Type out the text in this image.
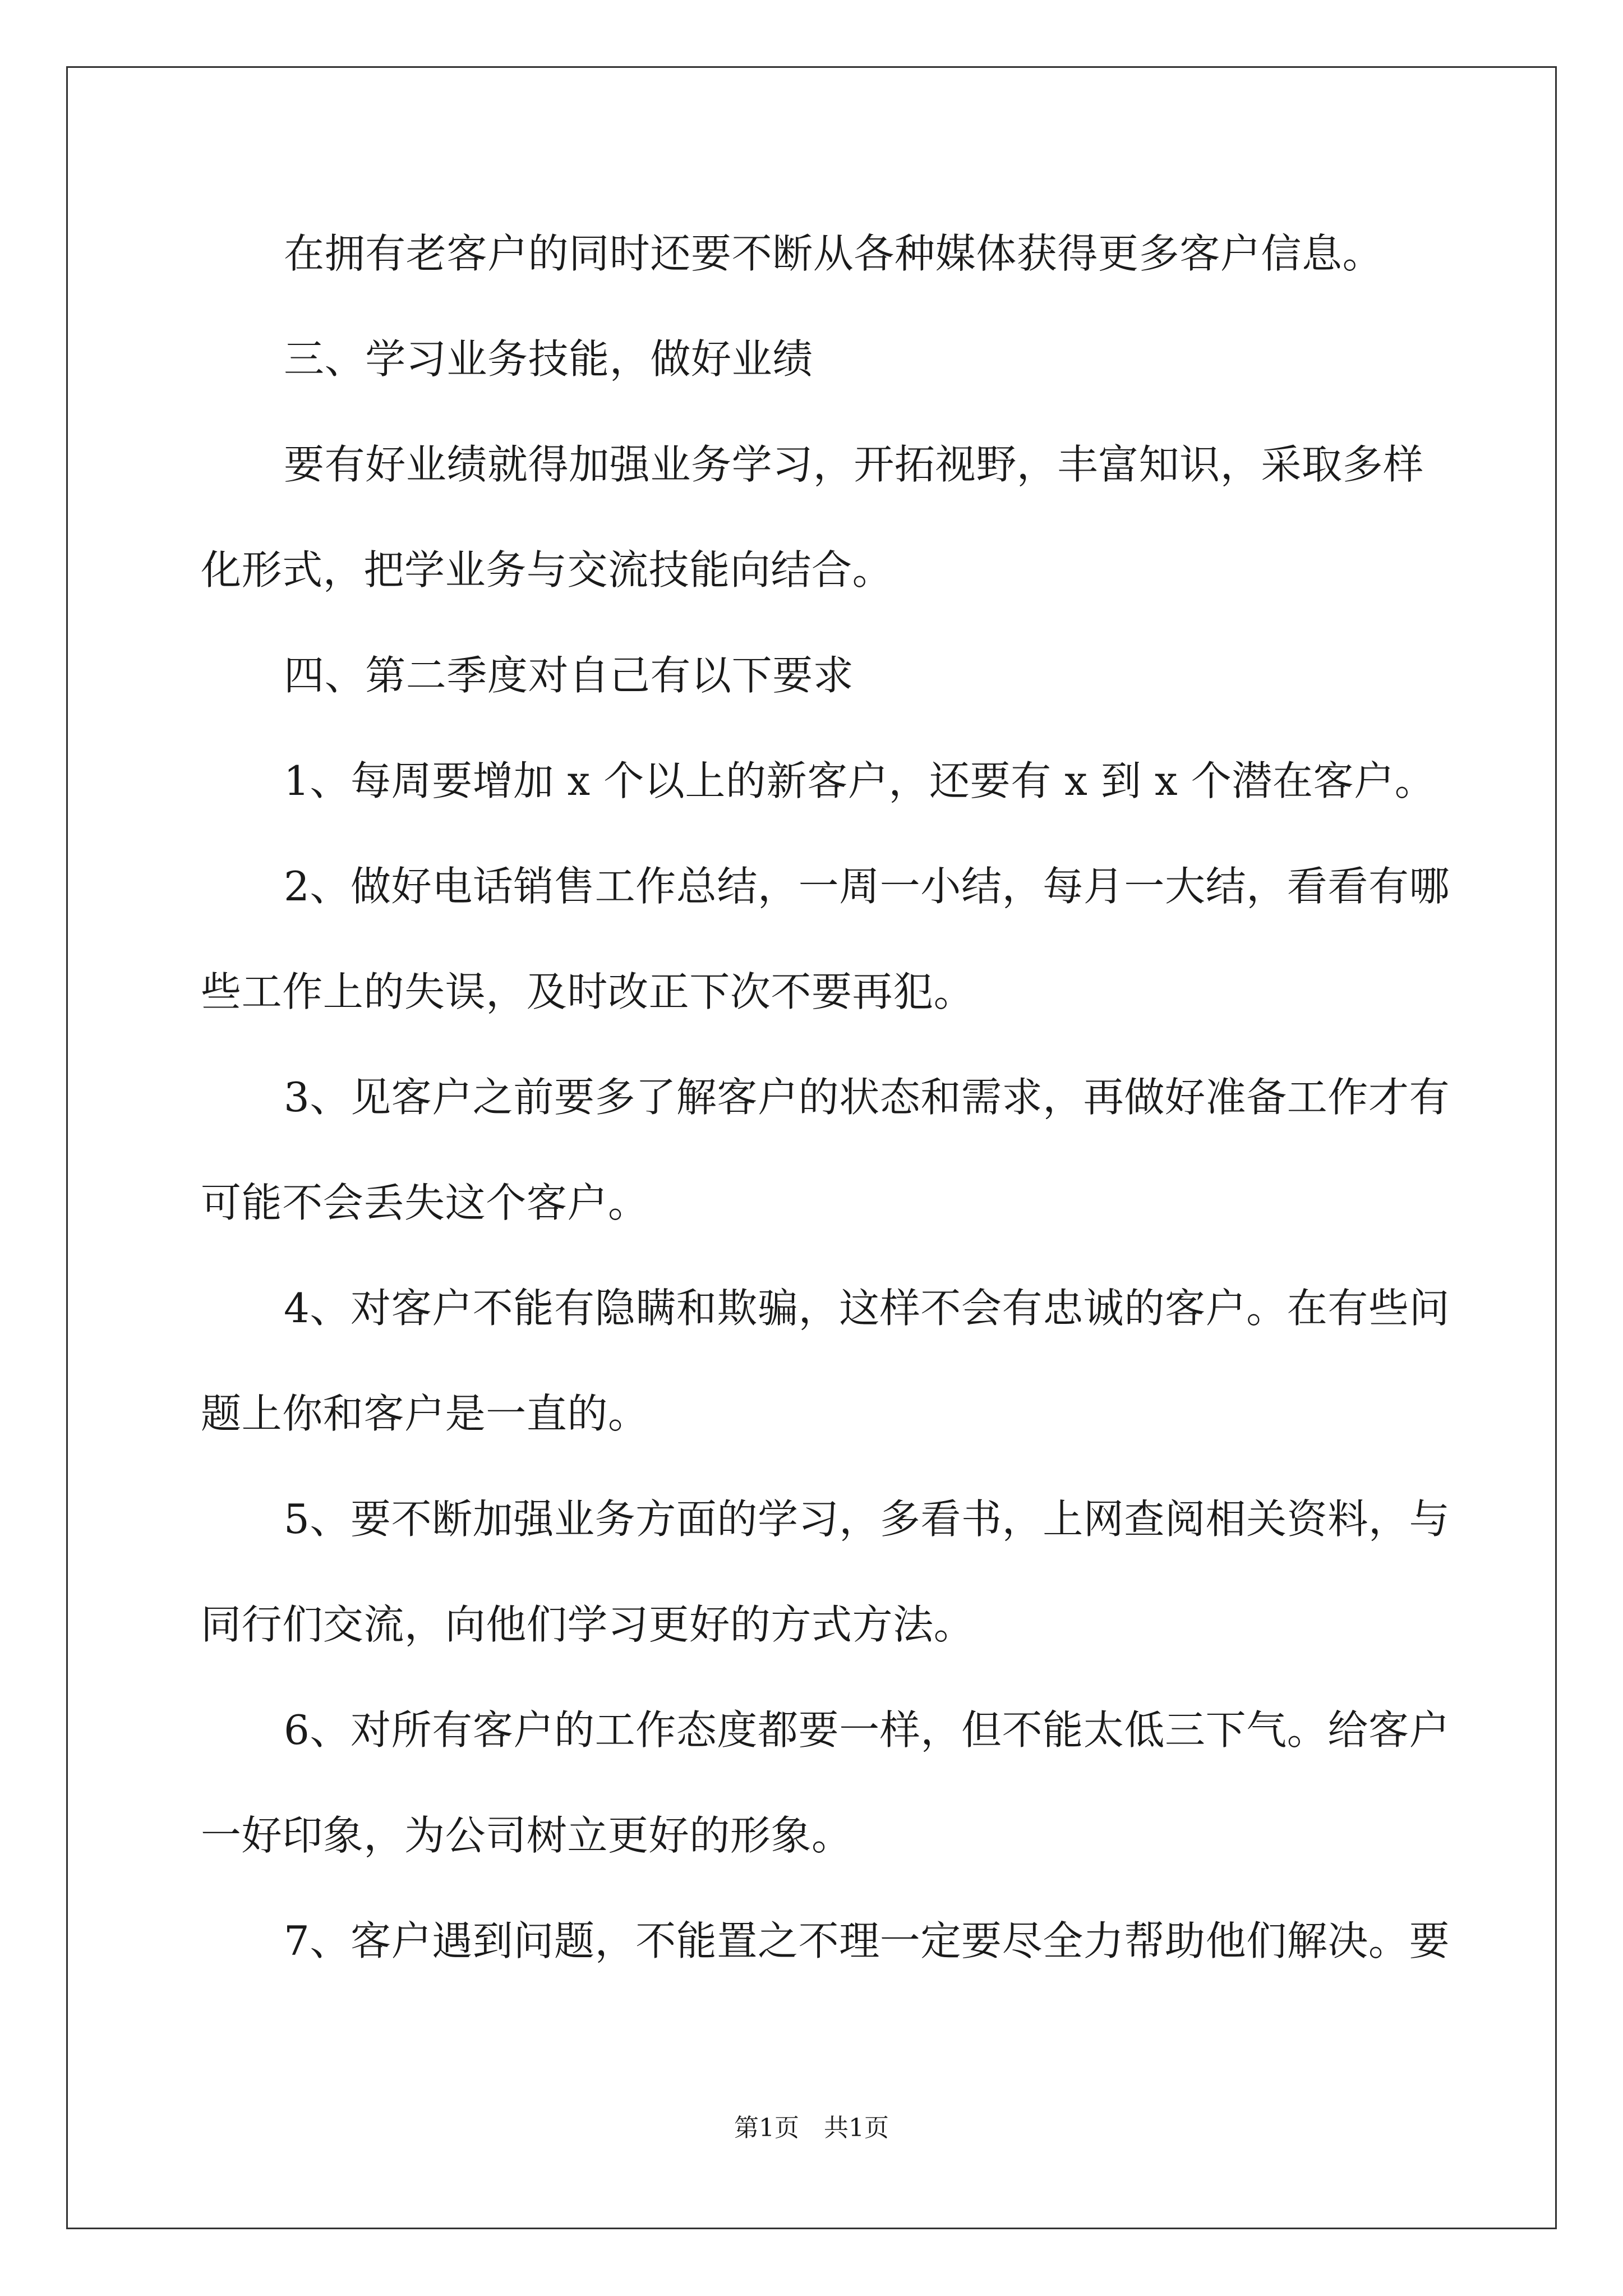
在拥有老客户的同时还要不断从各种媒体获得更多客户信息。
三、学习业务技能，做好业绩
要有好业绩就得加强业务学习，开拓视野，丰富知识，采取多样
化形式，把学业务与交流技能向结合。
四、第二季度对自己有以下要求
1、每周要增加 x 个以上的新客户，还要有 x 到 x 个潜在客户。
2、做好电话销售工作总结，一周一小结，每月一大结，看看有哪
些工作上的失误，及时改正下次不要再犯。
3、见客户之前要多了解客户的状态和需求，再做好准备工作才有
可能不会丢失这个客户。
4、对客户不能有隐瞒和欺骗，这样不会有忠诚的客户。在有些问
题上你和客户是一直的。
5、要不断加强业务方面的学习，多看书，上网查阅相关资料，与
同行们交流，向他们学习更好的方式方法。
6、对所有客户的工作态度都要一样，但不能太低三下气。给客户
一好印象，为公司树立更好的形象。
7、客户遇到问题，不能置之不理一定要尽全力帮助他们解决。要
第1页　共1页
